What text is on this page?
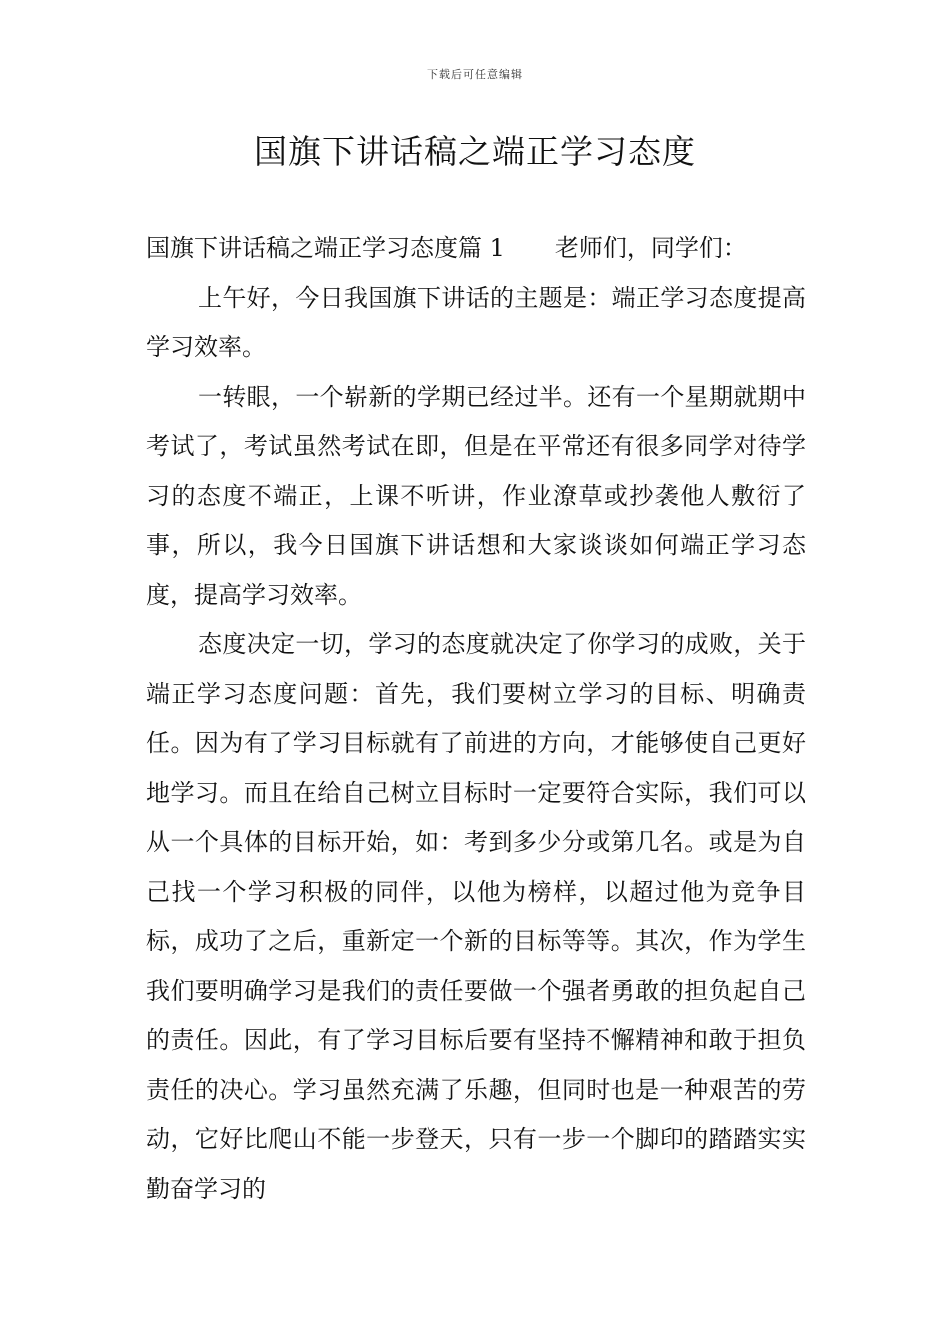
下载后可任意编辑
国旗下讲话稿之端正学习态度

国旗下讲话稿之端正学习态度篇 1 老师们，同学们：

上午好，今日我国旗下讲话的主题是：端正学习态度提高学习效率。

一转眼，一个崭新的学期已经过半。还有一个星期就期中考试了，考试虽然考试在即，但是在平常还有很多同学对待学习的态度不端正，上课不听讲，作业潦草或抄袭他人敷衍了事，所以，我今日国旗下讲话想和大家谈谈如何端正学习态度，提高学习效率。

态度决定一切，学习的态度就决定了你学习的成败，关于端正学习态度问题：首先，我们要树立学习的目标、明确责任。因为有了学习目标就有了前进的方向，才能够使自己更好地学习。而且在给自己树立目标时一定要符合实际，我们可以从一个具体的目标开始，如：考到多少分或第几名。或是为自己找一个学习积极的同伴，以他为榜样，以超过他为竞争目标，成功了之后，重新定一个新的目标等等。其次，作为学生我们要明确学习是我们的责任要做一个强者勇敢的担负起自己的责任。因此，有了学习目标后要有坚持不懈精神和敢于担负责任的决心。学习虽然充满了乐趣，但同时也是一种艰苦的劳动，它好比爬山不能一步登天，只有一步一个脚印的踏踏实实勤奋学习的
